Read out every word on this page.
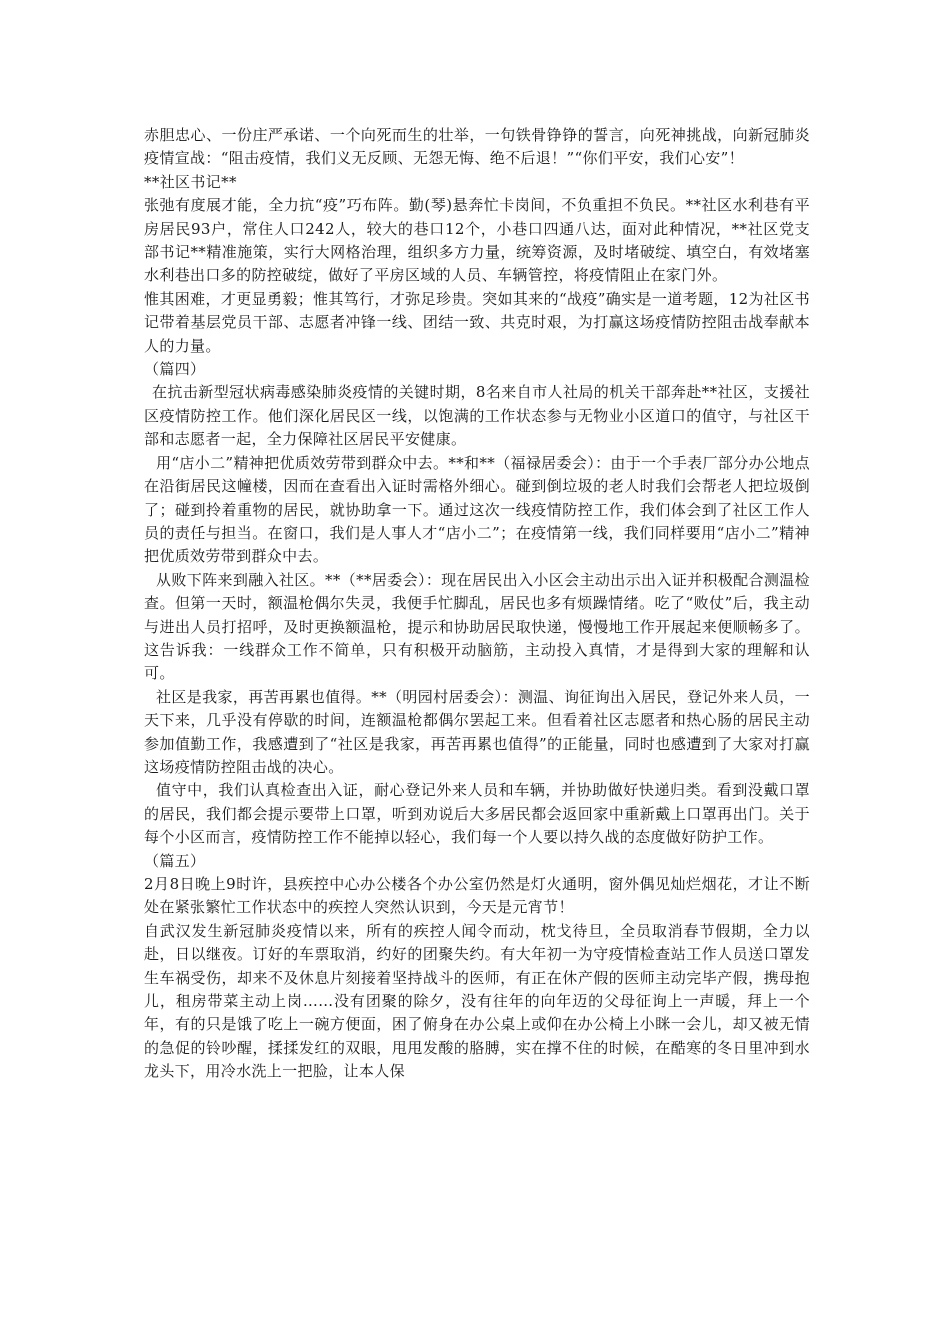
赤胆忠心、一份庄严承诺、一个向死而生的壮举，一句铁骨铮铮的誓言，向死神挑战，向新冠肺炎疫情宣战：“阻击疫情，我们义无反顾、无怨无悔、绝不后退！”“你们平安，我们心安”！

**社区书记**

张弛有度展才能，全力抗“疫”巧布阵。勤(琴)悬奔忙卡岗间，不负重担不负民。**社区水利巷有平房居民93户，常住人口242人，较大的巷口12个，小巷口四通八达，面对此种情况，**社区党支部书记**精准施策，实行大网格治理，组织多方力量，统筹资源，及时堵破绽、填空白，有效堵塞水利巷出口多的防控破绽，做好了平房区域的人员、车辆管控，将疫情阻止在家门外。

惟其困难，才更显勇毅；惟其笃行，才弥足珍贵。突如其来的“战疫”确实是一道考题，12为社区书记带着基层党员干部、志愿者冲锋一线、团结一致、共克时艰，为打赢这场疫情防控阻击战奉献本人的力量。

（篇四）

在抗击新型冠状病毒感染肺炎疫情的关键时期，8名来自市人社局的机关干部奔赴**社区，支援社区疫情防控工作。他们深化居民区一线，以饱满的工作状态参与无物业小区道口的值守，与社区干部和志愿者一起，全力保障社区居民平安健康。

用“店小二”精神把优质效劳带到群众中去。**和**（福禄居委会）：由于一个手表厂部分办公地点在沿街居民这幢楼，因而在查看出入证时需格外细心。碰到倒垃圾的老人时我们会帮老人把垃圾倒了；碰到拎着重物的居民，就协助拿一下。通过这次一线疫情防控工作，我们体会到了社区工作人员的责任与担当。在窗口，我们是人事人才“店小二”；在疫情第一线，我们同样要用“店小二”精神把优质效劳带到群众中去。

从败下阵来到融入社区。**（**居委会）：现在居民出入小区会主动出示出入证并积极配合测温检查。但第一天时，额温枪偶尔失灵，我便手忙脚乱，居民也多有烦躁情绪。吃了“败仗”后，我主动与进出人员打招呼，及时更换额温枪，提示和协助居民取快递，慢慢地工作开展起来便顺畅多了。这告诉我：一线群众工作不简单，只有积极开动脑筋，主动投入真情，才是得到大家的理解和认可。

社区是我家，再苦再累也值得。**（明园村居委会）：测温、询征询出入居民，登记外来人员，一天下来，几乎没有停歇的时间，连额温枪都偶尔罢起工来。但看着社区志愿者和热心肠的居民主动参加值勤工作，我感遭到了“社区是我家，再苦再累也值得”的正能量，同时也感遭到了大家对打赢这场疫情防控阻击战的决心。

值守中，我们认真检查出入证，耐心登记外来人员和车辆，并协助做好快递归类。看到没戴口罩的居民，我们都会提示要带上口罩，听到劝说后大多居民都会返回家中重新戴上口罩再出门。关于每个小区而言，疫情防控工作不能掉以轻心，我们每一个人要以持久战的态度做好防护工作。

（篇五）

2月8日晚上9时许，县疾控中心办公楼各个办公室仍然是灯火通明，窗外偶见灿烂烟花，才让不断处在紧张繁忙工作状态中的疾控人突然认识到，今天是元宵节！

自武汉发生新冠肺炎疫情以来，所有的疾控人闻令而动，枕戈待旦，全员取消春节假期，全力以赴，日以继夜。订好的车票取消，约好的团聚失约。有大年初一为守疫情检查站工作人员送口罩发生车祸受伤，却来不及休息片刻接着坚持战斗的医师，有正在休产假的医师主动完毕产假，携母抱儿，租房带菜主动上岗……没有团聚的除夕，没有往年的向年迈的父母征询上一声暖，拜上一个年，有的只是饿了吃上一碗方便面，困了俯身在办公桌上或仰在办公椅上小眯一会儿，却又被无情的急促的铃吵醒，揉揉发红的双眼，甩甩发酸的胳膊，实在撑不住的时候，在酷寒的冬日里冲到水龙头下，用冷水洗上一把脸，让本人保
